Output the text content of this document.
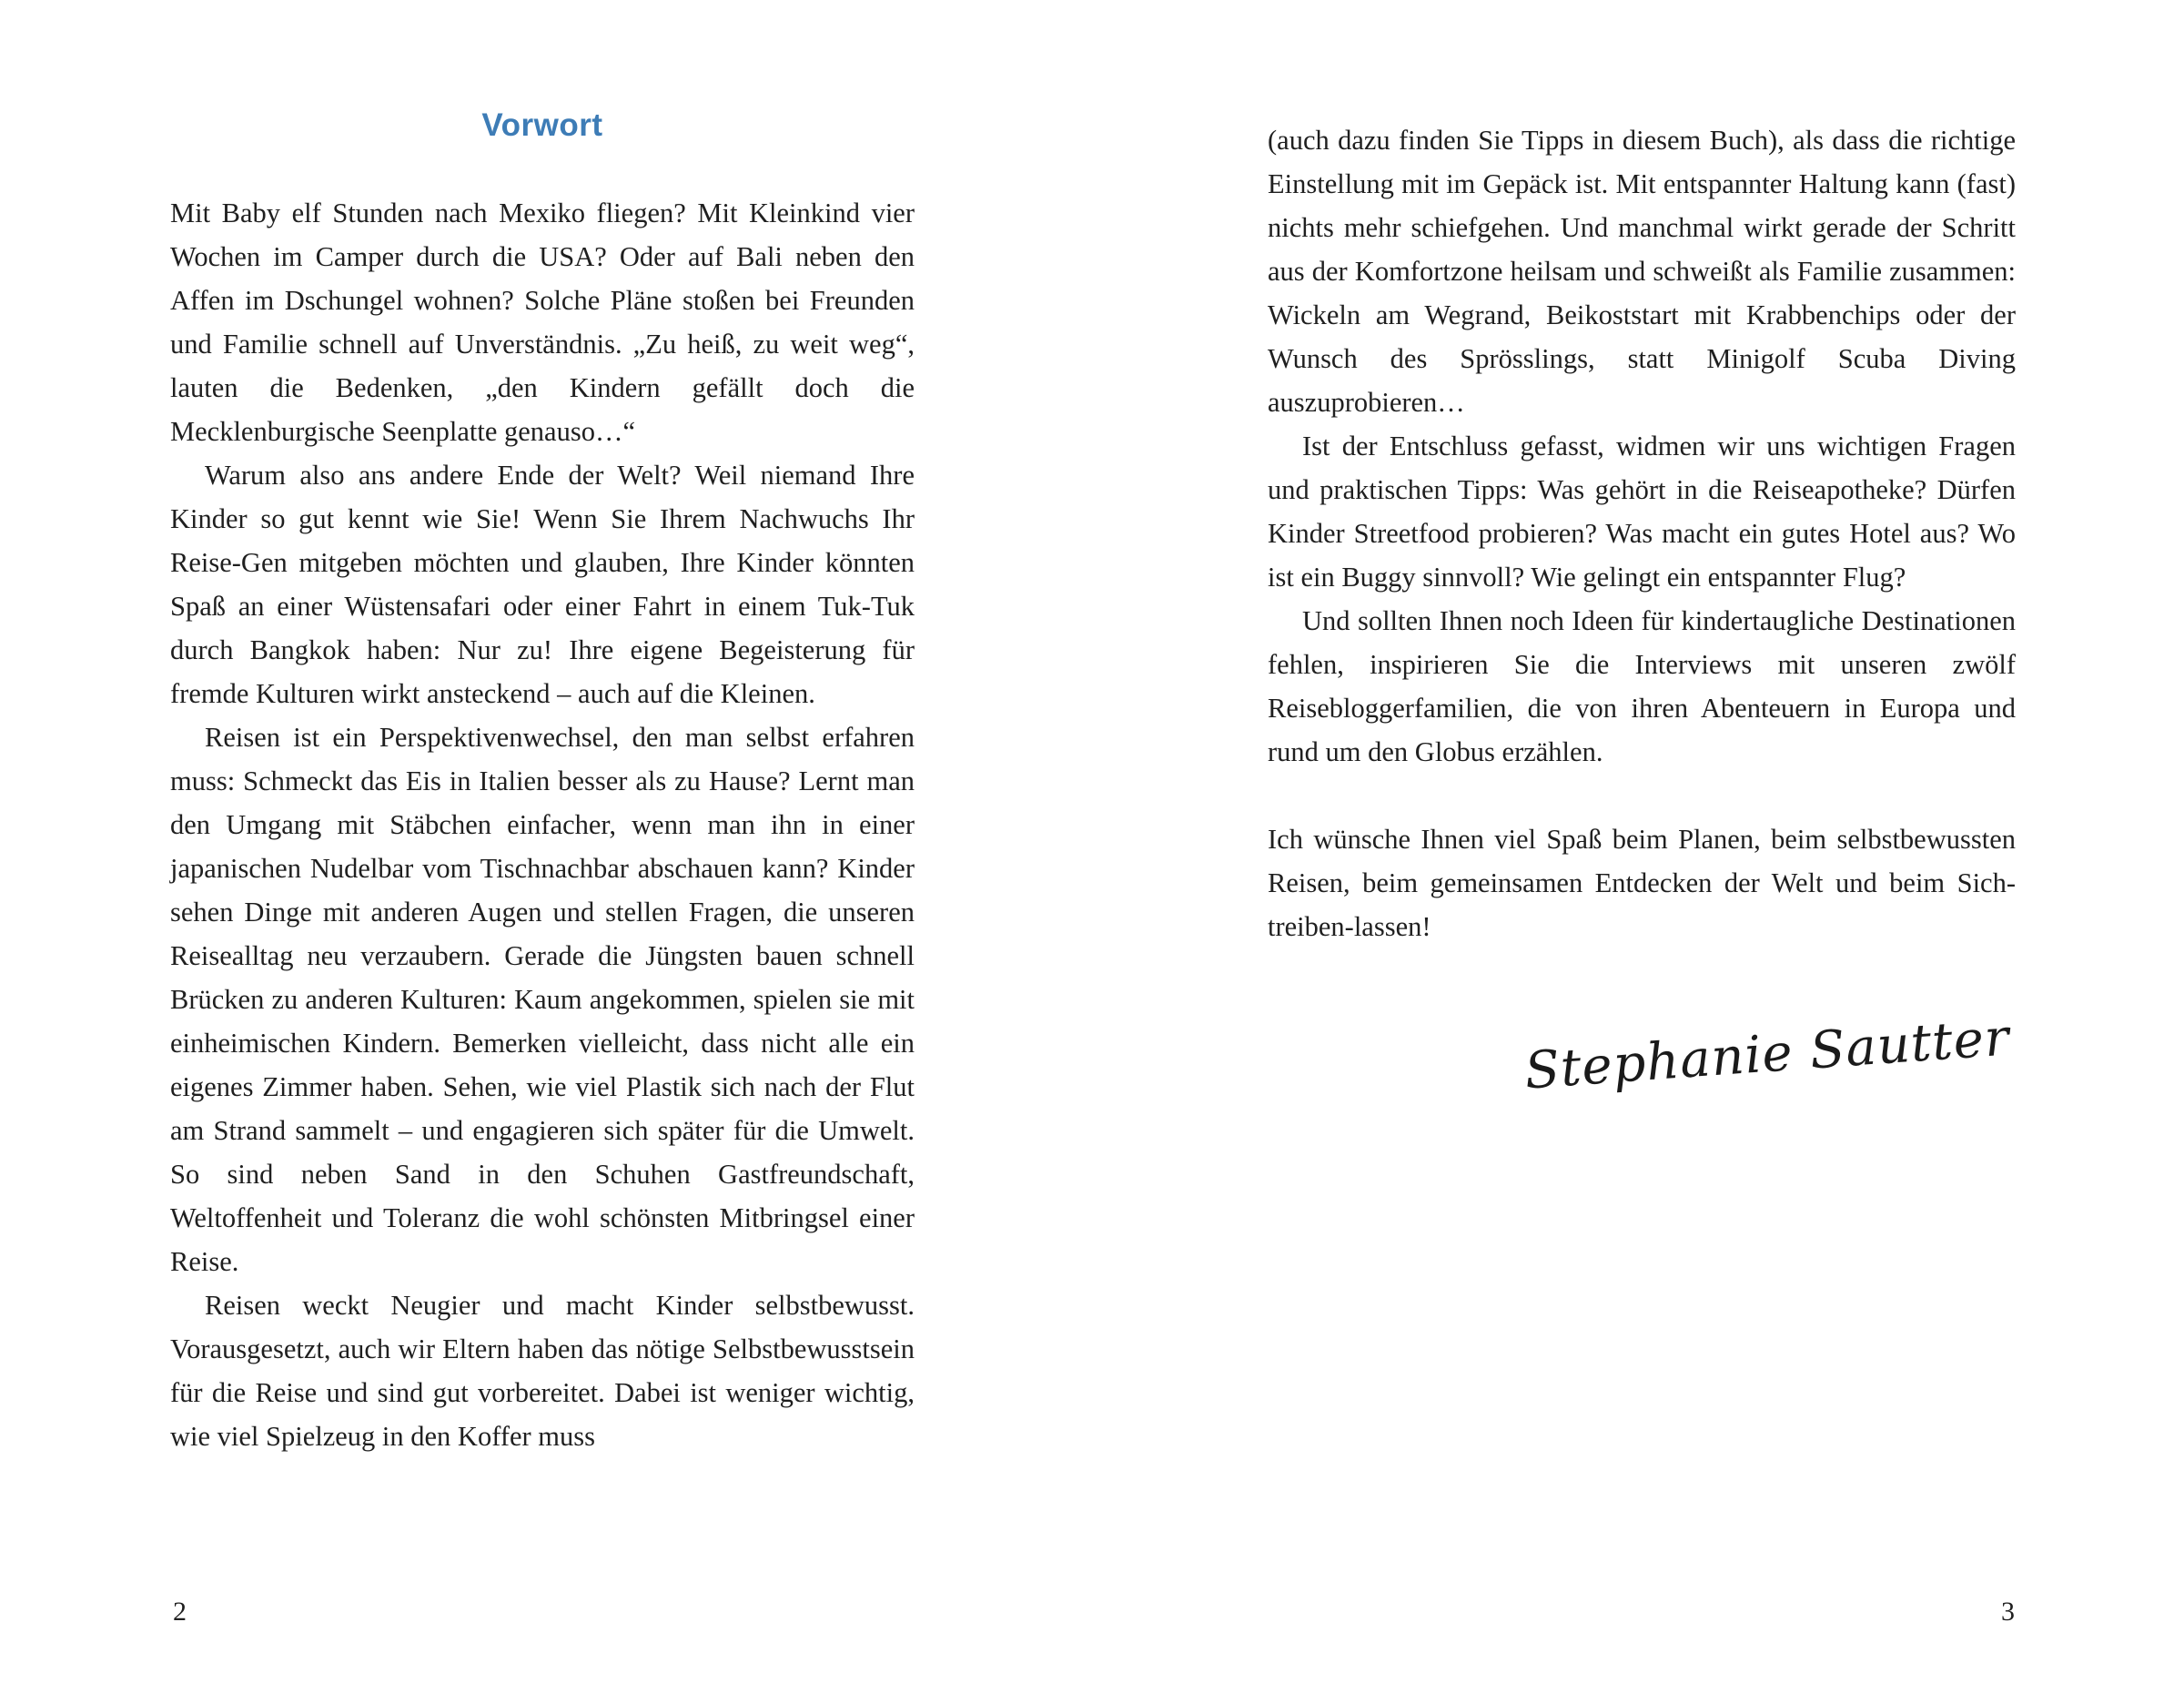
Vorwort

Mit Baby elf Stunden nach Mexiko fliegen? Mit Kleinkind vier Wochen im Camper durch die USA? Oder auf Bali neben den Affen im Dschungel wohnen? Solche Pläne stoßen bei Freunden und Familie schnell auf Unverständnis. „Zu heiß, zu weit weg“, lauten die Bedenken, „den Kindern gefällt doch die Mecklenburgische Seenplatte genauso…“

Warum also ans andere Ende der Welt? Weil niemand Ihre Kinder so gut kennt wie Sie! Wenn Sie Ihrem Nachwuchs Ihr Reise-Gen mitgeben möchten und glauben, Ihre Kinder könnten Spaß an einer Wüstensafari oder einer Fahrt in einem Tuk-Tuk durch Bangkok haben: Nur zu! Ihre eigene Begeisterung für fremde Kulturen wirkt ansteckend – auch auf die Kleinen.

Reisen ist ein Perspektivenwechsel, den man selbst erfahren muss: Schmeckt das Eis in Italien besser als zu Hause? Lernt man den Umgang mit Stäbchen einfacher, wenn man ihn in einer japanischen Nudelbar vom Tischnachbar abschauen kann? Kinder sehen Dinge mit anderen Augen und stellen Fragen, die unseren Reisealltag neu verzaubern. Gerade die Jüngsten bauen schnell Brücken zu anderen Kulturen: Kaum angekommen, spielen sie mit einheimischen Kindern. Bemerken vielleicht, dass nicht alle ein eigenes Zimmer haben. Sehen, wie viel Plastik sich nach der Flut am Strand sammelt – und engagieren sich später für die Umwelt. So sind neben Sand in den Schuhen Gastfreundschaft, Weltoffenheit und Toleranz die wohl schönsten Mitbringsel einer Reise.

Reisen weckt Neugier und macht Kinder selbstbewusst. Vorausgesetzt, auch wir Eltern haben das nötige Selbstbewusstsein für die Reise und sind gut vorbereitet. Dabei ist weniger wichtig, wie viel Spielzeug in den Koffer muss

2

(auch dazu finden Sie Tipps in diesem Buch), als dass die richtige Einstellung mit im Gepäck ist. Mit entspannter Haltung kann (fast) nichts mehr schiefgehen. Und manchmal wirkt gerade der Schritt aus der Komfortzone heilsam und schweißt als Familie zusammen: Wickeln am Wegrand, Beikoststart mit Krabbenchips oder der Wunsch des Sprösslings, statt Minigolf Scuba Diving auszuprobieren…

Ist der Entschluss gefasst, widmen wir uns wichtigen Fragen und praktischen Tipps: Was gehört in die Reiseapotheke? Dürfen Kinder Streetfood probieren? Was macht ein gutes Hotel aus? Wo ist ein Buggy sinnvoll? Wie gelingt ein entspannter Flug?

Und sollten Ihnen noch Ideen für kindertaugliche Destinationen fehlen, inspirieren Sie die Interviews mit unseren zwölf Reisebloggerfamilien, die von ihren Abenteuern in Europa und rund um den Globus erzählen.

Ich wünsche Ihnen viel Spaß beim Planen, beim selbstbewussten Reisen, beim gemeinsamen Entdecken der Welt und beim Sich-treiben-lassen!

Stephanie Sautter
3
